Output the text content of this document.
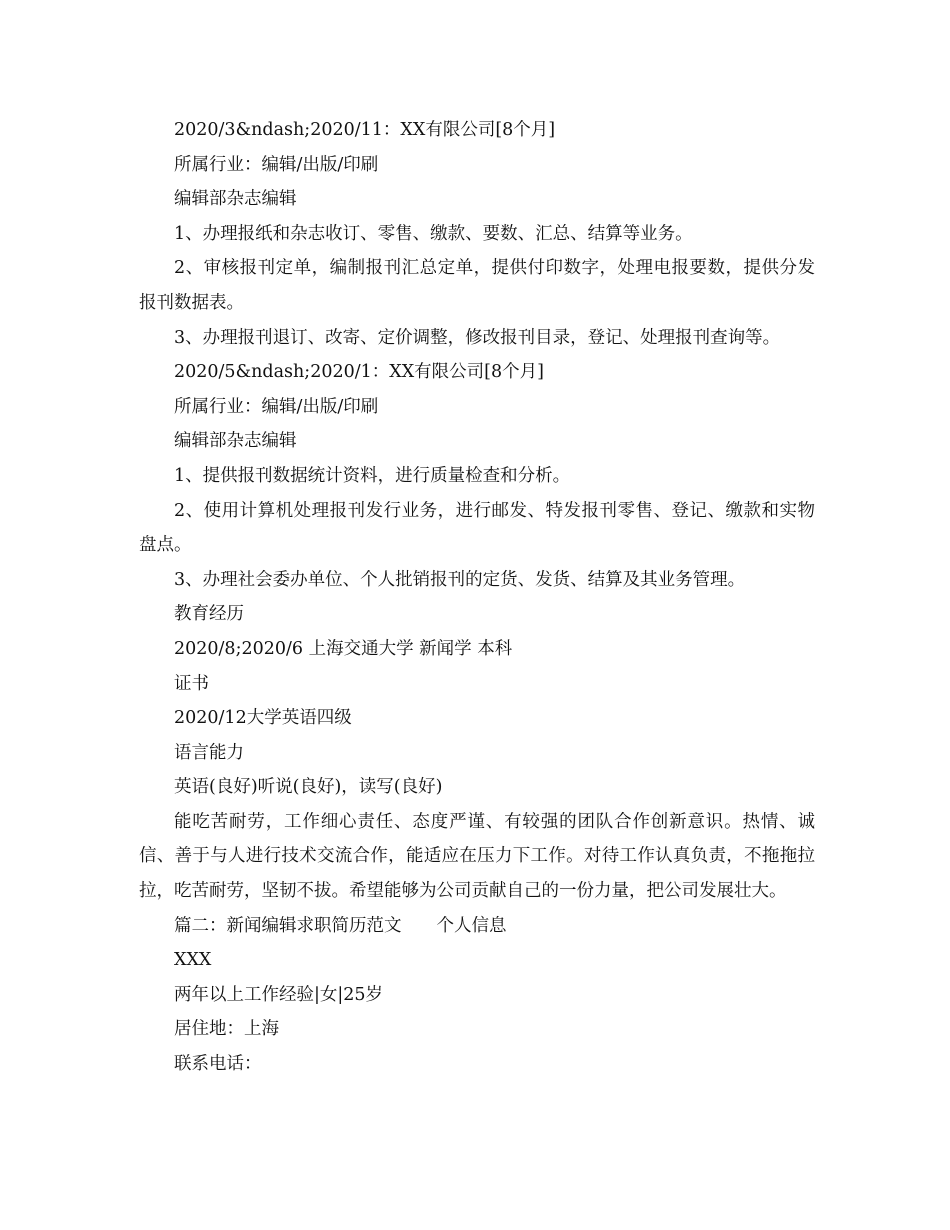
2020/3&ndash;2020/11：XX有限公司[8个月]

所属行业：编辑/出版/印刷

编辑部杂志编辑

1、办理报纸和杂志收订、零售、缴款、要数、汇总、结算等业务。

2、审核报刊定单，编制报刊汇总定单，提供付印数字，处理电报要数，提供分发报刊数据表。

3、办理报刊退订、改寄、定价调整，修改报刊目录，登记、处理报刊查询等。

2020/5&ndash;2020/1：XX有限公司[8个月]

所属行业：编辑/出版/印刷

编辑部杂志编辑

1、提供报刊数据统计资料，进行质量检查和分析。

2、使用计算机处理报刊发行业务，进行邮发、特发报刊零售、登记、缴款和实物盘点。

3、办理社会委办单位、个人批销报刊的定货、发货、结算及其业务管理。

教育经历

2020/8;2020/6 上海交通大学 新闻学 本科

证书

2020/12大学英语四级

语言能力

英语(良好)听说(良好)，读写(良好)

能吃苦耐劳，工作细心责任、态度严谨、有较强的团队合作创新意识。热情、诚信、善于与人进行技术交流合作，能适应在压力下工作。对待工作认真负责，不拖拖拉拉，吃苦耐劳，坚韧不拔。希望能够为公司贡献自己的一份力量，把公司发展壮大。

篇二：新闻编辑求职简历范文　　个人信息

XXX

两年以上工作经验|女|25岁

居住地：上海

联系电话：
